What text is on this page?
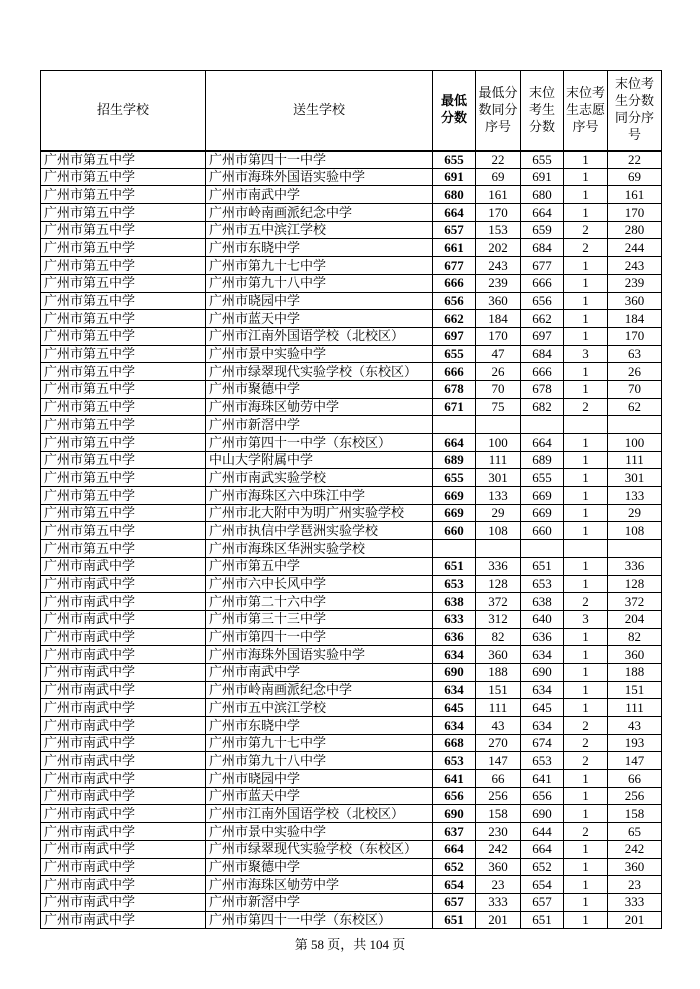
招生学校	送生学校	最低分数	最低分数同分序号	末位考生分数	末位考生志愿序号	末位考生分数同分序号
广州市第五中学	广州市第四十一中学	655	22	655	1	22
广州市第五中学	广州市海珠外国语实验中学	691	69	691	1	69
广州市第五中学	广州市南武中学	680	161	680	1	161
广州市第五中学	广州市岭南画派纪念中学	664	170	664	1	170
广州市第五中学	广州市五中滨江学校	657	153	659	2	280
广州市第五中学	广州市东晓中学	661	202	684	2	244
广州市第五中学	广州市第九十七中学	677	243	677	1	243
广州市第五中学	广州市第九十八中学	666	239	666	1	239
广州市第五中学	广州市晓园中学	656	360	656	1	360
广州市第五中学	广州市蓝天中学	662	184	662	1	184
广州市第五中学	广州市江南外国语学校（北校区）	697	170	697	1	170
广州市第五中学	广州市景中实验中学	655	47	684	3	63
广州市第五中学	广州市绿翠现代实验学校（东校区）	666	26	666	1	26
广州市第五中学	广州市聚德中学	678	70	678	1	70
广州市第五中学	广州市海珠区劬劳中学	671	75	682	2	62
广州市第五中学	广州市新滘中学					
广州市第五中学	广州市第四十一中学（东校区）	664	100	664	1	100
广州市第五中学	中山大学附属中学	689	111	689	1	111
广州市第五中学	广州市南武实验学校	655	301	655	1	301
广州市第五中学	广州市海珠区六中珠江中学	669	133	669	1	133
广州市第五中学	广州市北大附中为明广州实验学校	669	29	669	1	29
广州市第五中学	广州市执信中学琶洲实验学校	660	108	660	1	108
广州市第五中学	广州市海珠区华洲实验学校					
广州市南武中学	广州市第五中学	651	336	651	1	336
广州市南武中学	广州市六中长风中学	653	128	653	1	128
广州市南武中学	广州市第二十六中学	638	372	638	2	372
广州市南武中学	广州市第三十三中学	633	312	640	3	204
广州市南武中学	广州市第四十一中学	636	82	636	1	82
广州市南武中学	广州市海珠外国语实验中学	634	360	634	1	360
广州市南武中学	广州市南武中学	690	188	690	1	188
广州市南武中学	广州市岭南画派纪念中学	634	151	634	1	151
广州市南武中学	广州市五中滨江学校	645	111	645	1	111
广州市南武中学	广州市东晓中学	634	43	634	2	43
广州市南武中学	广州市第九十七中学	668	270	674	2	193
广州市南武中学	广州市第九十八中学	653	147	653	2	147
广州市南武中学	广州市晓园中学	641	66	641	1	66
广州市南武中学	广州市蓝天中学	656	256	656	1	256
广州市南武中学	广州市江南外国语学校（北校区）	690	158	690	1	158
广州市南武中学	广州市景中实验中学	637	230	644	2	65
广州市南武中学	广州市绿翠现代实验学校（东校区）	664	242	664	1	242
广州市南武中学	广州市聚德中学	652	360	652	1	360
广州市南武中学	广州市海珠区劬劳中学	654	23	654	1	23
广州市南武中学	广州市新滘中学	657	333	657	1	333
广州市南武中学	广州市第四十一中学（东校区）	651	201	651	1	201
第 58 页，共 104 页
